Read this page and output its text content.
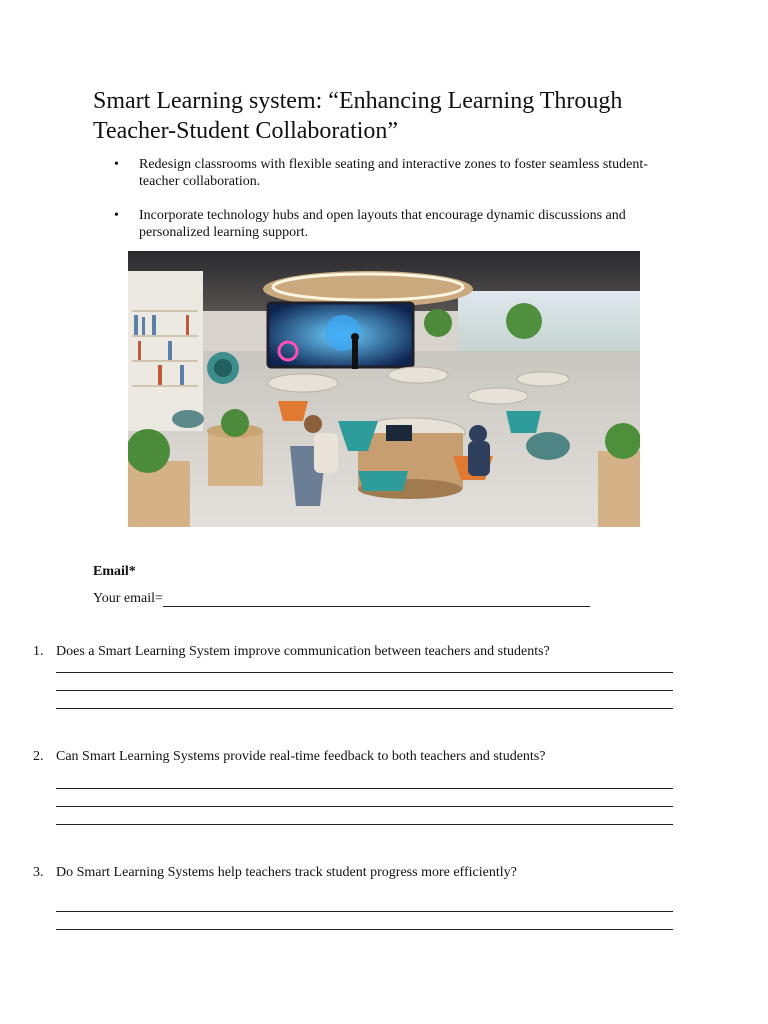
Smart Learning system: “Enhancing Learning Through Teacher-Student Collaboration”
• Redesign classrooms with flexible seating and interactive zones to foster seamless student-teacher collaboration.
• Incorporate technology hubs and open layouts that encourage dynamic discussions and personalized learning support.
Email*
Your email=
1. Does a Smart Learning System improve communication between teachers and students?
2. Can Smart Learning Systems provide real-time feedback to both teachers and students?
3. Do Smart Learning Systems help teachers track student progress more efficiently?
